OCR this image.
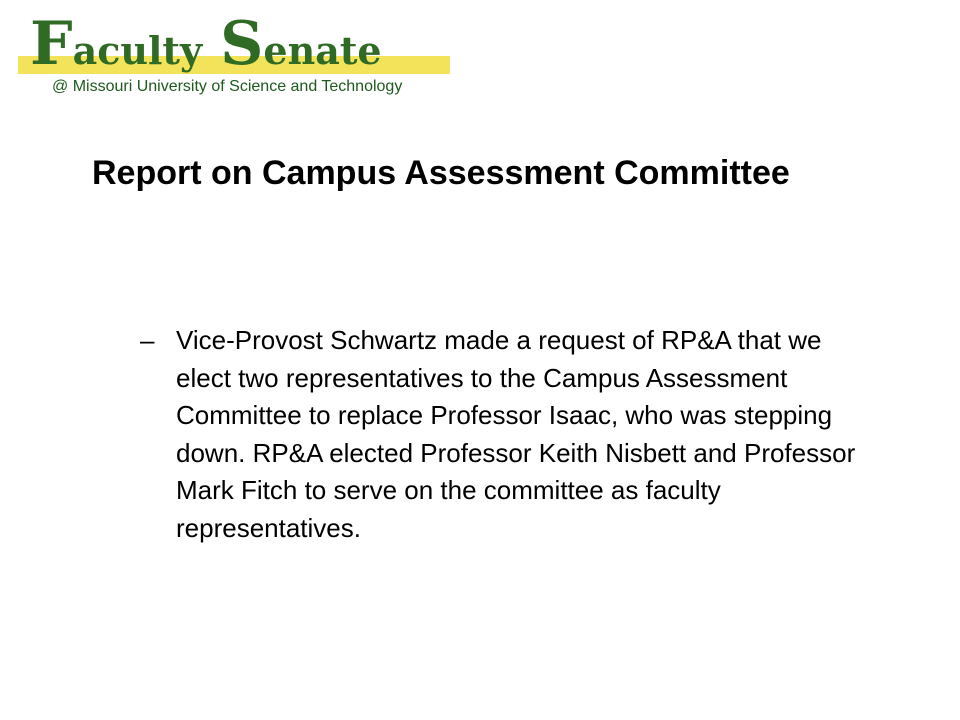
Faculty Senate
@ Missouri University of Science and Technology
Report on Campus Assessment Committee
– Vice-Provost Schwartz made a request of RP&A that we elect two representatives to the Campus Assessment Committee to replace Professor Isaac, who was stepping down. RP&A elected Professor Keith Nisbett and Professor Mark Fitch to serve on the committee as faculty representatives.
